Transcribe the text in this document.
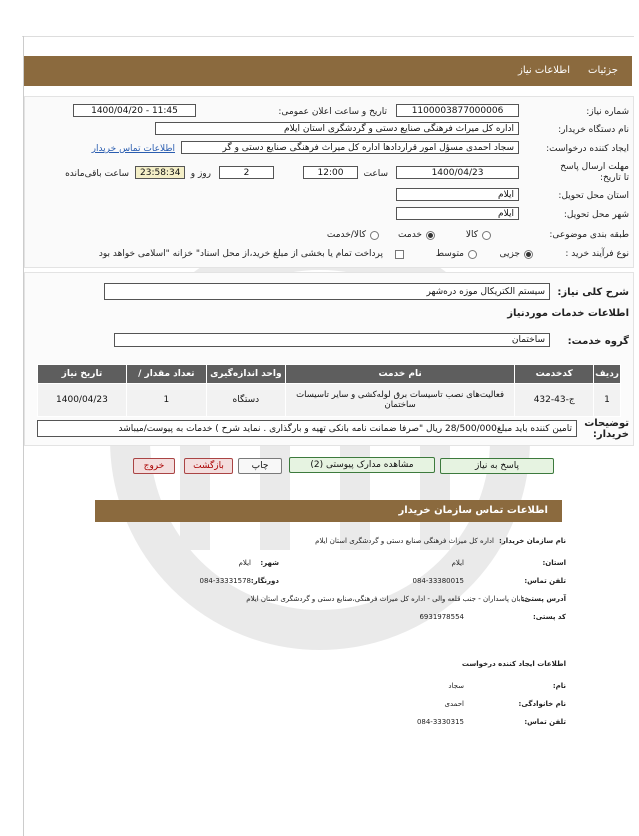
جزئیات
اطلاعات نیاز
شماره نیاز:
1100003877000006
تاریخ و ساعت اعلان عمومی:
1400/04/20 - 11:45
نام دستگاه خریدار:
اداره کل میراث فرهنگی صنایع دستی و گردشگری استان ایلام
ایجاد کننده درخواست:
سجاد احمدی مسؤل امور قراردادها اداره کل میراث فرهنگی صنایع دستی و گر
اطلاعات تماس خریدار
مهلت ارسال پاسخ تا تاریخ:
1400/04/23
ساعت
12:00
2
روز و
23:58:34
ساعت باقی‌مانده
استان محل تحویل:
ایلام
شهر محل تحویل:
ایلام
طبقه بندی موضوعی:
کالا
خدمت
کالا/خدمت
نوع فرآیند خرید :
جزیی
متوسط
پرداخت تمام یا بخشی از مبلغ خرید،از محل اسناد" خزانه "اسلامی خواهد بود
شرح کلی نیاز:
سیستم الکتریکال موزه دره‌شهر
اطلاعات خدمات مورد‌نیاز
گروه خدمت:
ساختمان
ردیف	کدخدمت	نام خدمت	واحد اندازه‌گیری	تعداد مقدار /	تاریخ نیاز
1	ج-43-432	فعالیت‌های نصب تاسیسات برق لوله‌کشی و سایر تاسیسات ساختمان	دستگاه	1	1400/04/23
توضیحات خریدار:
تامین کننده باید مبلغ28/500/000 ریال "صرفا ضمانت نامه بانکی تهیه و بارگذاری . نماید شرح ) خدمات به پیوست/میباشد
پاسخ به نیاز
مشاهده مدارک پیوستی (2)
چاپ
بازگشت
خروج
اطلاعات تماس سازمان خریدار
نام سازمان خریدار:
اداره کل میراث فرهنگی صنایع دستی و گردشگری استان ایلام
استان:
ایلام
شهر:
ایلام
تلفن تماس:
084-33380015
دورنگار:
084-33331578
آدرس پستی:
خیابان پاسداران - جنب قلعه والی - اداره کل میراث فرهنگی،صنایع دستی و گردشگری استان ایلام
کد پستی:
6931978554
اطلاعات ایجاد کننده درخواست
نام:
سجاد
نام خانوادگی:
احمدی
تلفن تماس:
084-3330315
